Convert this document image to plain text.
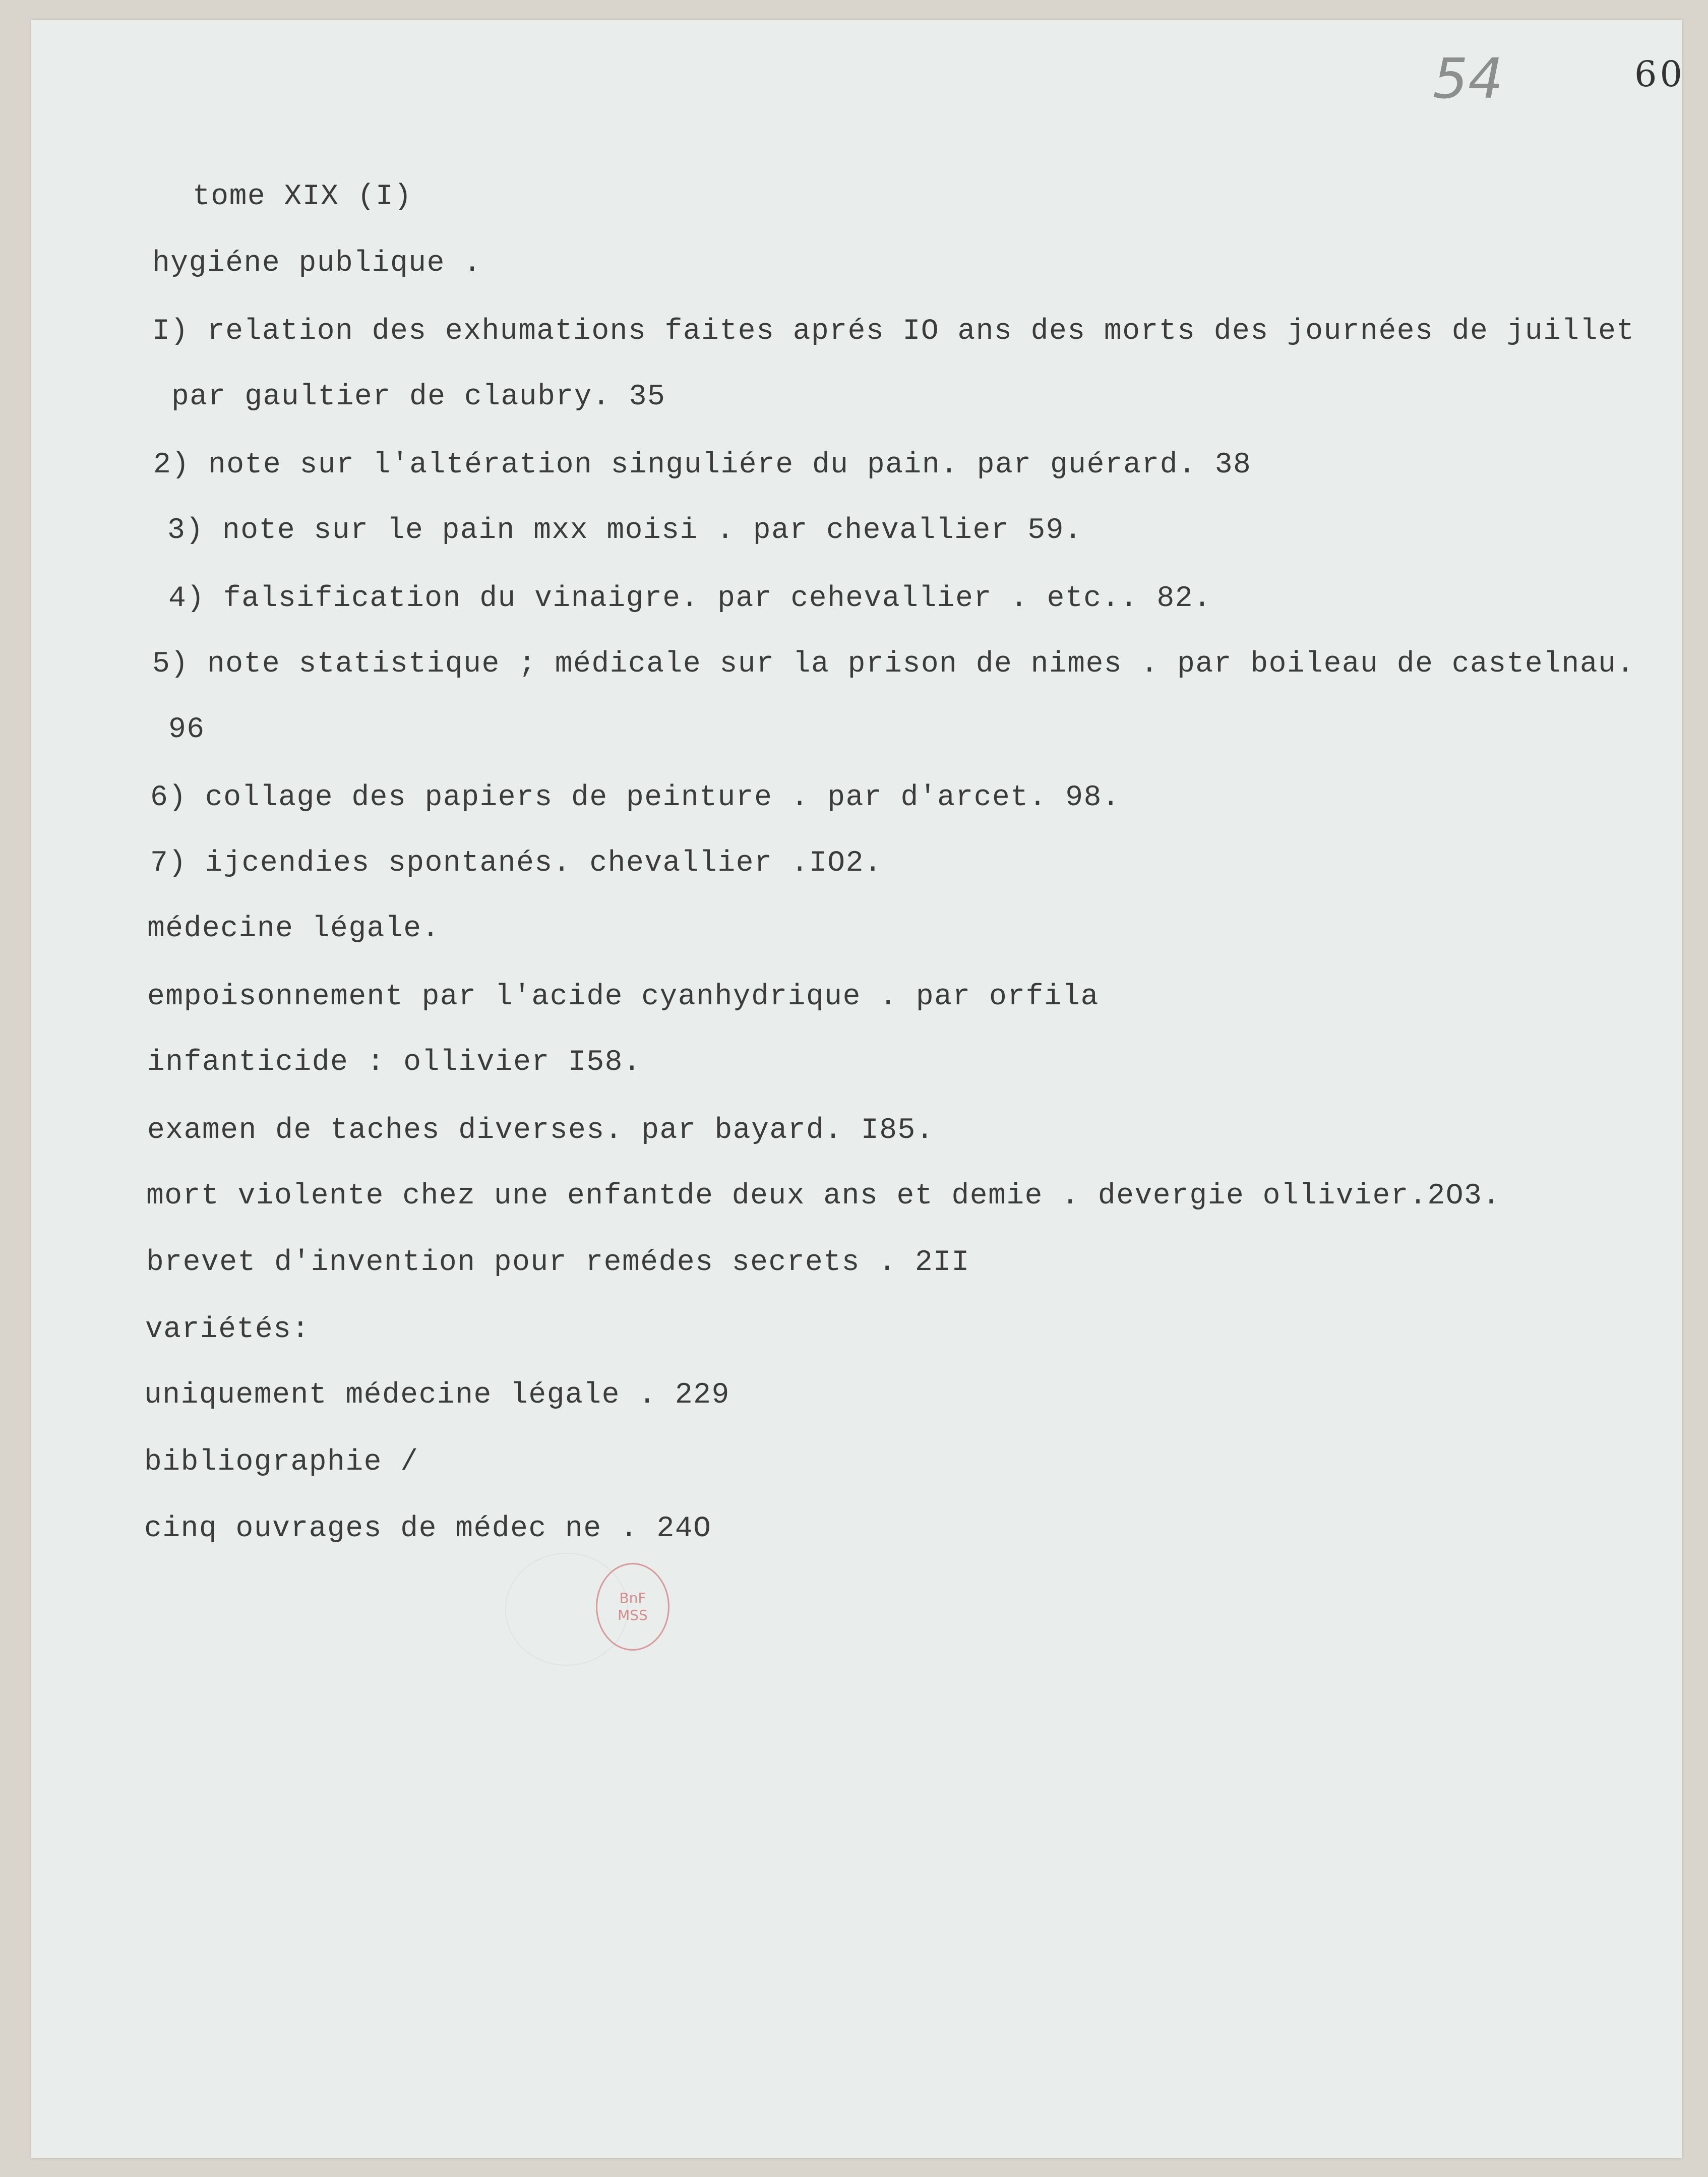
54	60
tome XIX (I)
hygiéne publique .
I) relation des exhumations faites aprés IO ans des morts des journées de juillet
par gaultier de claubry. 35
2) note sur l'altération singuliére du pain. par guérard. 38
3) note sur le pain mxx moisi . par chevallier 59.
4) falsification du vinaigre. par cehevallier . etc.. 82.
5) note statistique ; médicale sur la prison de nimes . par boileau de castelnau.
96
6) collage des papiers de peinture . par d'arcet. 98.
7) ijcendies spontanés. chevallier .IO2.
médecine légale.
empoisonnement par l'acide cyanhydrique . par orfila
infanticide : ollivier I58.
examen de taches diverses. par bayard. I85.
mort violente chez une enfantde deux ans et demie . devergie ollivier.2O3.
brevet d'invention pour remédes secrets . 2II
variétés:
uniquement médecine légale . 229
bibliographie /
cinq ouvrages de médec ne . 24O
BnF
MSS
